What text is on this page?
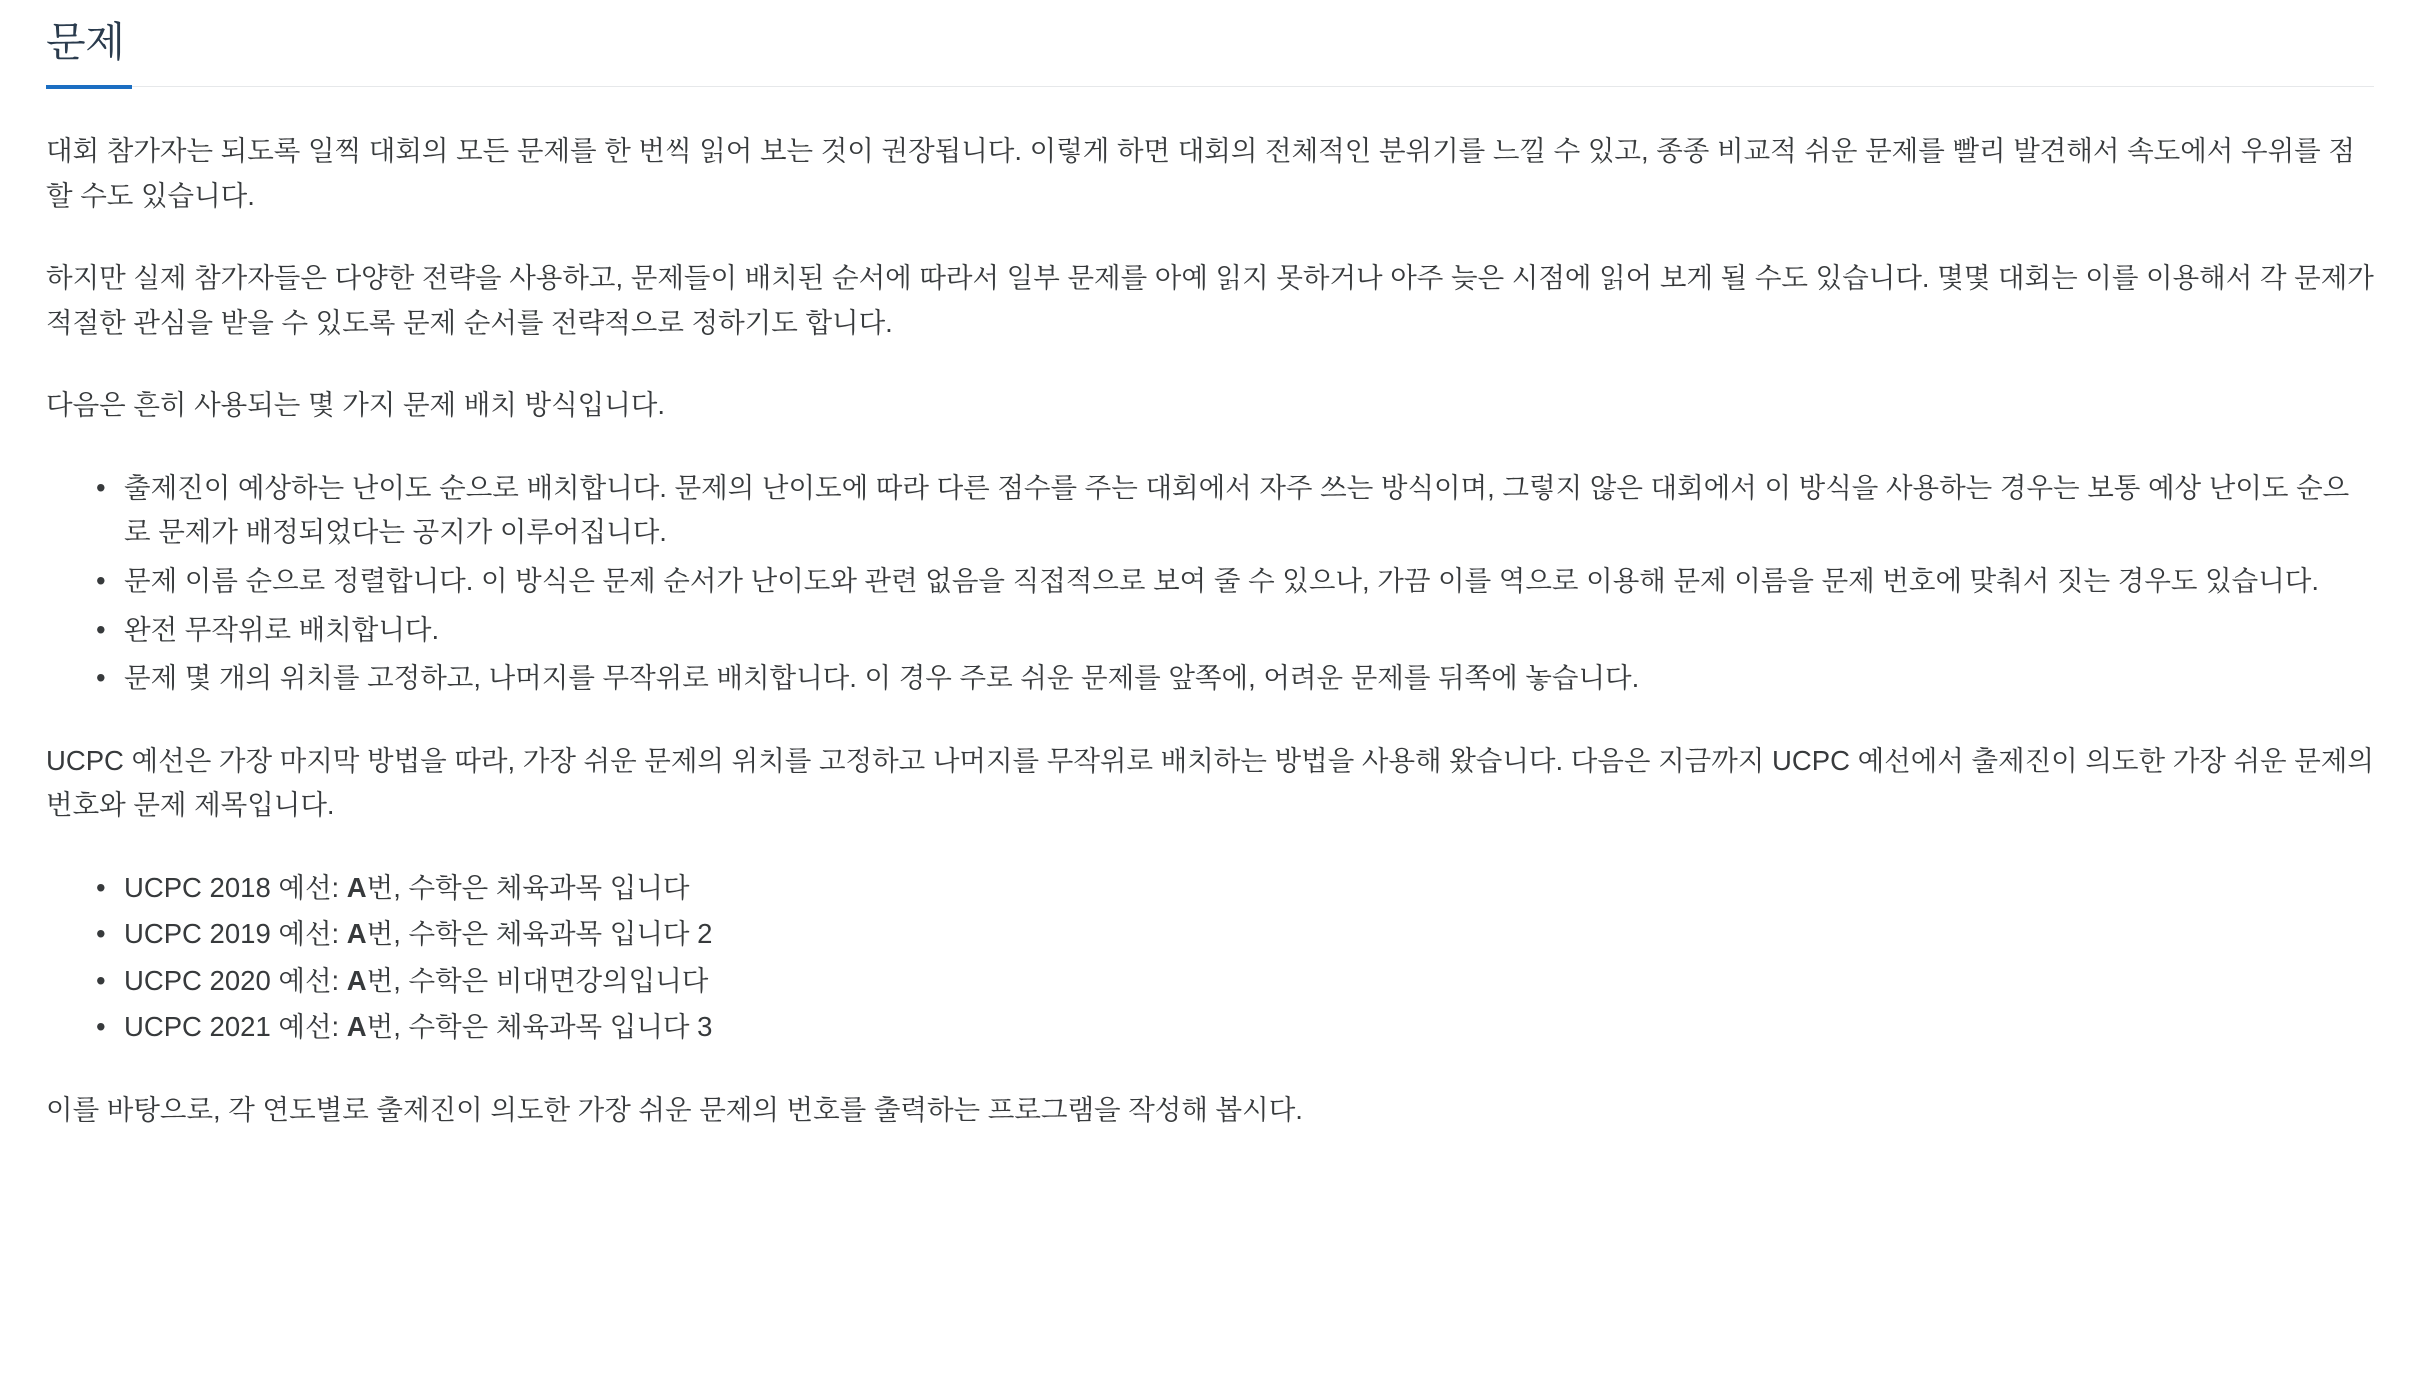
문제

대회 참가자는 되도록 일찍 대회의 모든 문제를 한 번씩 읽어 보는 것이 권장됩니다. 이렇게 하면 대회의 전체적인 분위기를 느낄 수 있고, 종종 비교적 쉬운 문제를 빨리 발견해서 속도에서 우위를 점할 수도 있습니다.

하지만 실제 참가자들은 다양한 전략을 사용하고, 문제들이 배치된 순서에 따라서 일부 문제를 아예 읽지 못하거나 아주 늦은 시점에 읽어 보게 될 수도 있습니다. 몇몇 대회는 이를 이용해서 각 문제가 적절한 관심을 받을 수 있도록 문제 순서를 전략적으로 정하기도 합니다.

다음은 흔히 사용되는 몇 가지 문제 배치 방식입니다.

• 출제진이 예상하는 난이도 순으로 배치합니다. 문제의 난이도에 따라 다른 점수를 주는 대회에서 자주 쓰는 방식이며, 그렇지 않은 대회에서 이 방식을 사용하는 경우는 보통 예상 난이도 순으로 문제가 배정되었다는 공지가 이루어집니다.
• 문제 이름 순으로 정렬합니다. 이 방식은 문제 순서가 난이도와 관련 없음을 직접적으로 보여 줄 수 있으나, 가끔 이를 역으로 이용해 문제 이름을 문제 번호에 맞춰서 짓는 경우도 있습니다.
• 완전 무작위로 배치합니다.
• 문제 몇 개의 위치를 고정하고, 나머지를 무작위로 배치합니다. 이 경우 주로 쉬운 문제를 앞쪽에, 어려운 문제를 뒤쪽에 놓습니다.

UCPC 예선은 가장 마지막 방법을 따라, 가장 쉬운 문제의 위치를 고정하고 나머지를 무작위로 배치하는 방법을 사용해 왔습니다. 다음은 지금까지 UCPC 예선에서 출제진이 의도한 가장 쉬운 문제의 번호와 문제 제목입니다.

• UCPC 2018 예선: A번, 수학은 체육과목 입니다
• UCPC 2019 예선: A번, 수학은 체육과목 입니다 2
• UCPC 2020 예선: A번, 수학은 비대면강의입니다
• UCPC 2021 예선: A번, 수학은 체육과목 입니다 3

이를 바탕으로, 각 연도별로 출제진이 의도한 가장 쉬운 문제의 번호를 출력하는 프로그램을 작성해 봅시다.
